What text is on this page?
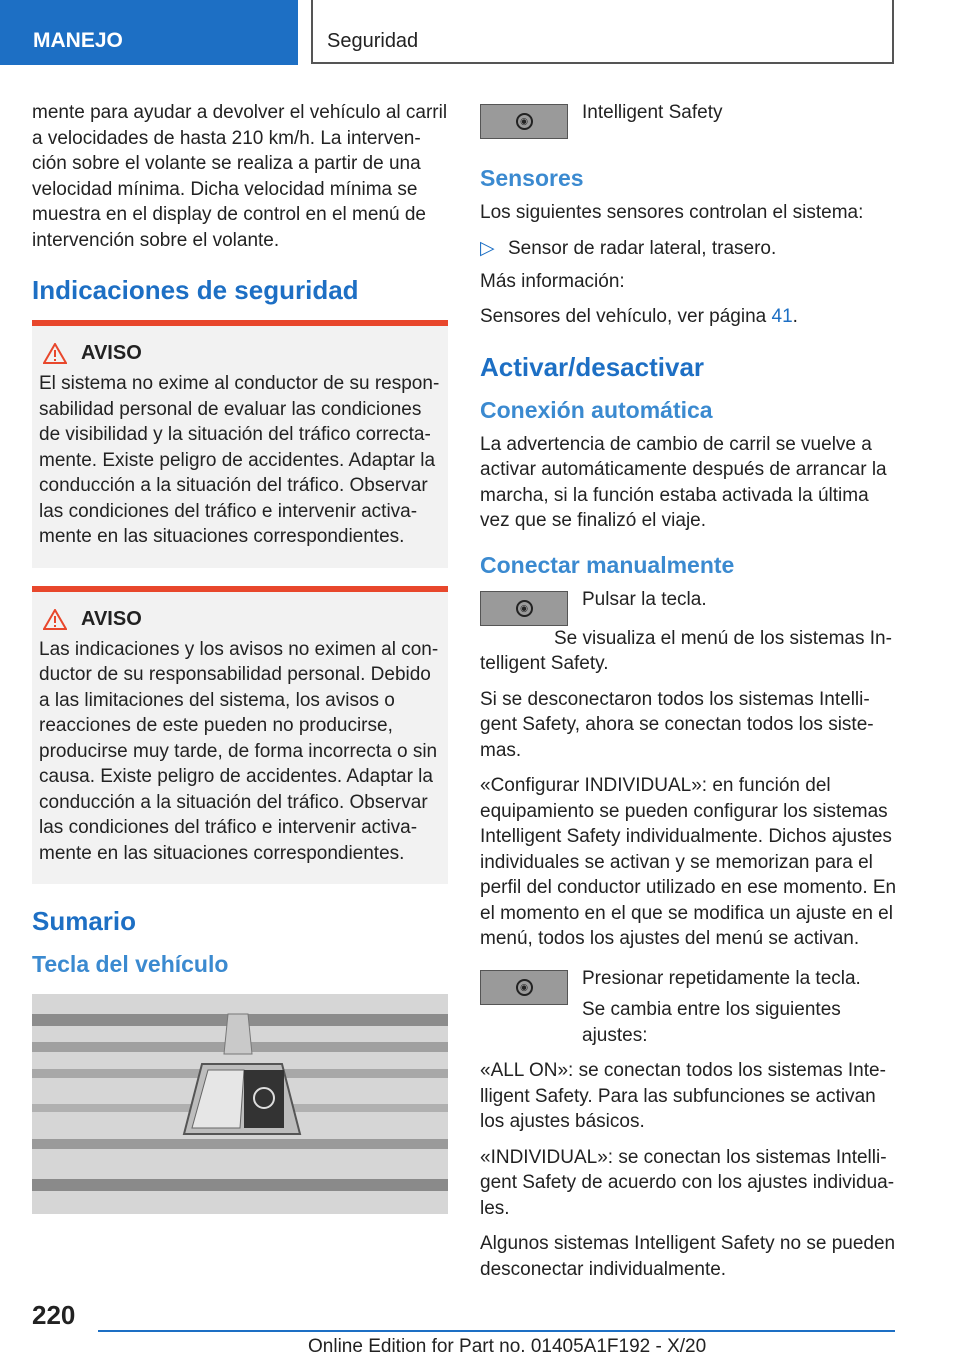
MANEJO	Seguridad

mente para ayudar a devolver el vehículo al carril a velocidades de hasta 210 km/h. La intervención sobre el volante se realiza a partir de una velocidad mínima. Dicha velocidad mínima se muestra en el display de control en el menú de intervención sobre el volante.

Indicaciones de seguridad
AVISO

El sistema no exime al conductor de su responsabilidad personal de evaluar las condiciones de visibilidad y la situación del tráfico correctamente. Existe peligro de accidentes. Adaptar la conducción a la situación del tráfico. Observar las condiciones del tráfico e intervenir activamente en las situaciones correspondientes.

AVISO

Las indicaciones y los avisos no eximen al conductor de su responsabilidad personal. Debido a las limitaciones del sistema, los avisos o reacciones de este pueden no producirse, producirse muy tarde, de forma incorrecta o sin causa. Existe peligro de accidentes. Adaptar la conducción a la situación del tráfico. Observar las condiciones del tráfico e intervenir activamente en las situaciones correspondientes.

Sumario
Tecla del vehículo
◉	Intelligent Safety

Sensores

Los siguientes sensores controlan el sistema:

▷ Sensor de radar lateral, trasero.

Más información:

Sensores del vehículo, ver página 41.

Activar/desactivar
Conexión automática

La advertencia de cambio de carril se vuelve a activar automáticamente después de arrancar la marcha, si la función estaba activada la última vez que se finalizó el viaje.

Conectar manualmente
◉	Pulsar la tecla.

Se visualiza el menú de los sistemas Intelligent Safety.

Si se desconectaron todos los sistemas Intelligent Safety, ahora se conectan todos los sistemas.

«Configurar INDIVIDUAL»: en función del equipamiento se pueden configurar los sistemas Intelligent Safety individualmente. Dichos ajustes individuales se activan y se memorizan para el perfil del conductor utilizado en ese momento. En el momento en el que se modifica un ajuste en el menú, todos los ajustes del menú se activan.

◉	Presionar repetidamente la tecla.

Se cambia entre los siguientes ajustes:

«ALL ON»: se conectan todos los sistemas Intelligent Safety. Para las subfunciones se activan los ajustes básicos.

«INDIVIDUAL»: se conectan los sistemas Intelligent Safety de acuerdo con los ajustes individuales.

Algunos sistemas Intelligent Safety no se pueden desconectar individualmente.

220
Online Edition for Part no. 01405A1F192 - X/20
